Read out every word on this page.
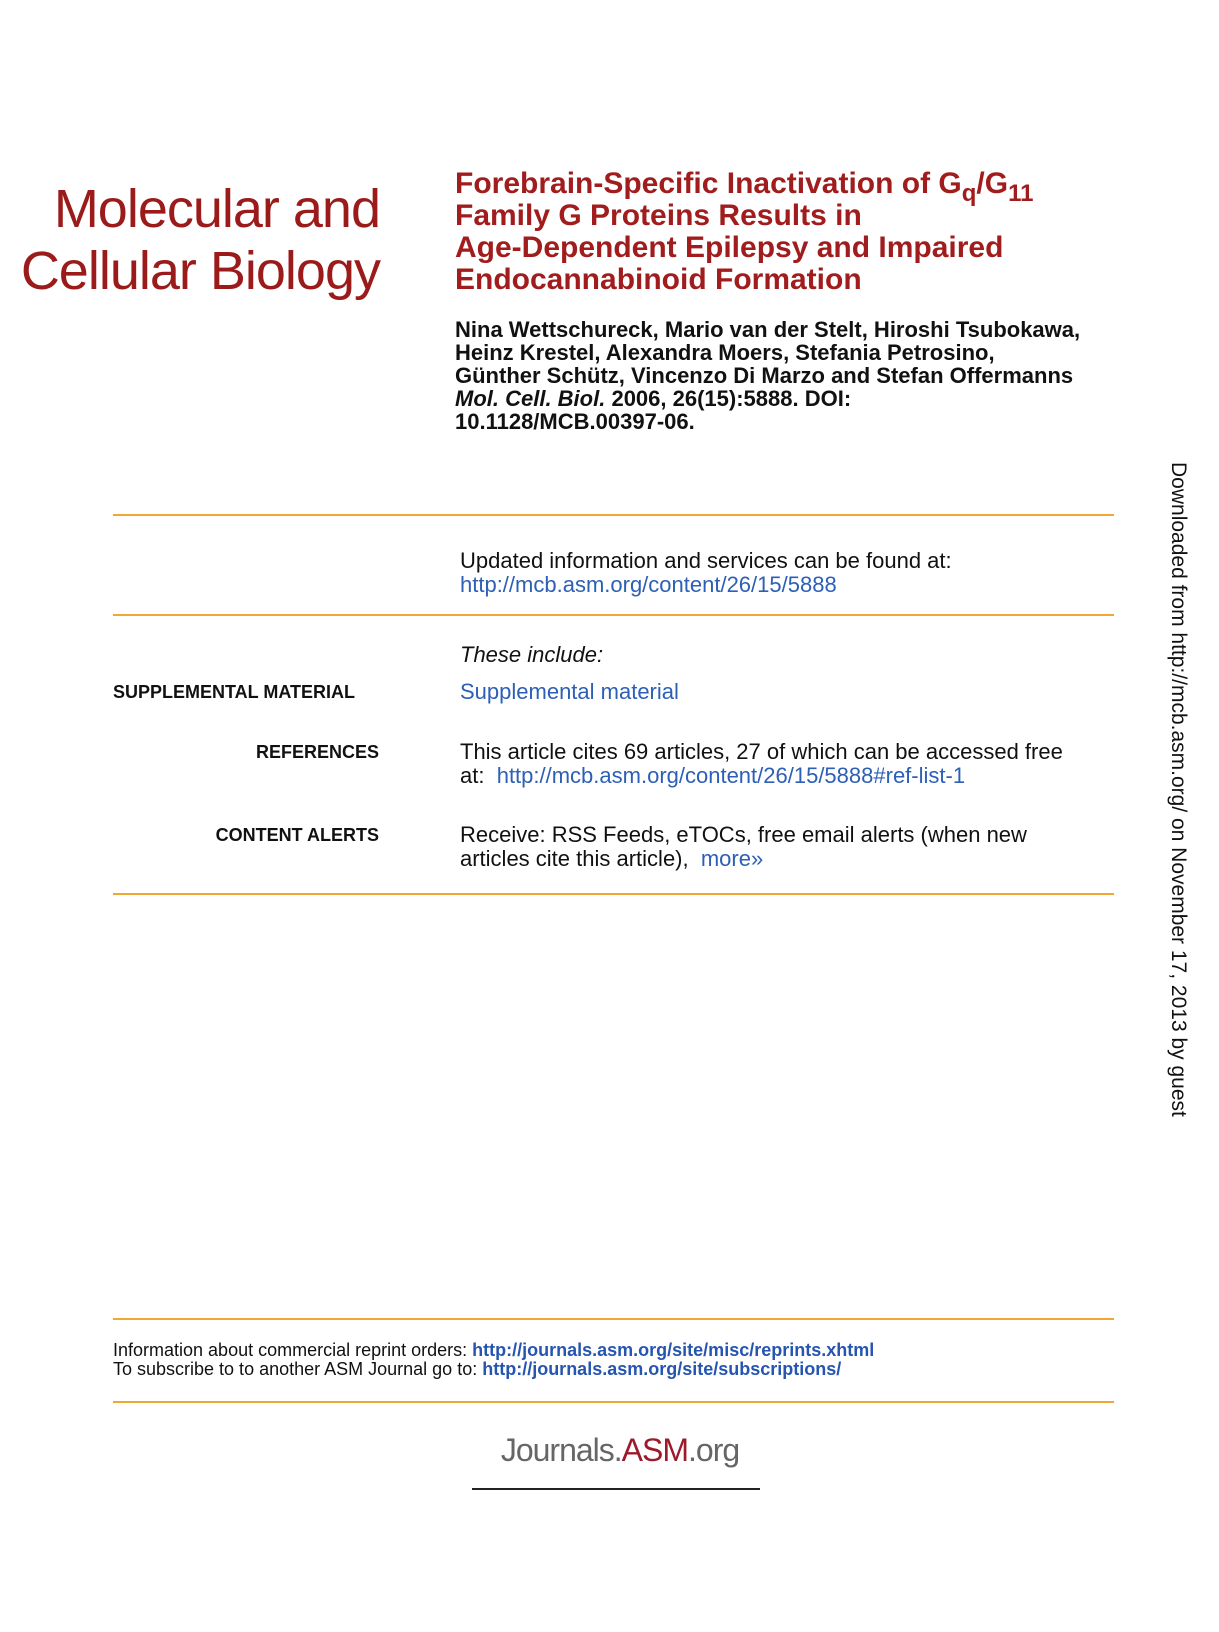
Molecular and
Cellular Biology
Forebrain-Specific Inactivation of $G_q/G_{11}$
Family G Proteins Results in
Age-Dependent Epilepsy and Impaired
Endocannabinoid Formation
Nina Wettschureck, Mario van der Stelt, Hiroshi Tsubokawa,
Heinz Krestel, Alexandra Moers, Stefania Petrosino,
Günther Schütz, Vincenzo Di Marzo and Stefan Offermanns
Mol. Cell. Biol. 2006, 26(15):5888. DOI:
10.1128/MCB.00397-06.
Updated information and services can be found at:
http://mcb.asm.org/content/26/15/5888
These include:
SUPPLEMENTAL MATERIAL	Supplemental material
REFERENCES	This article cites 69 articles, 27 of which can be accessed free
at: http://mcb.asm.org/content/26/15/5888#ref-list-1
CONTENT ALERTS	Receive: RSS Feeds, eTOCs, free email alerts (when new
articles cite this article), more»
Information about commercial reprint orders: http://journals.asm.org/site/misc/reprints.xhtml
To subscribe to to another ASM Journal go to: http://journals.asm.org/site/subscriptions/
Journals.ASM.org
Downloaded from http://mcb.asm.org/ on November 17, 2013 by guest
